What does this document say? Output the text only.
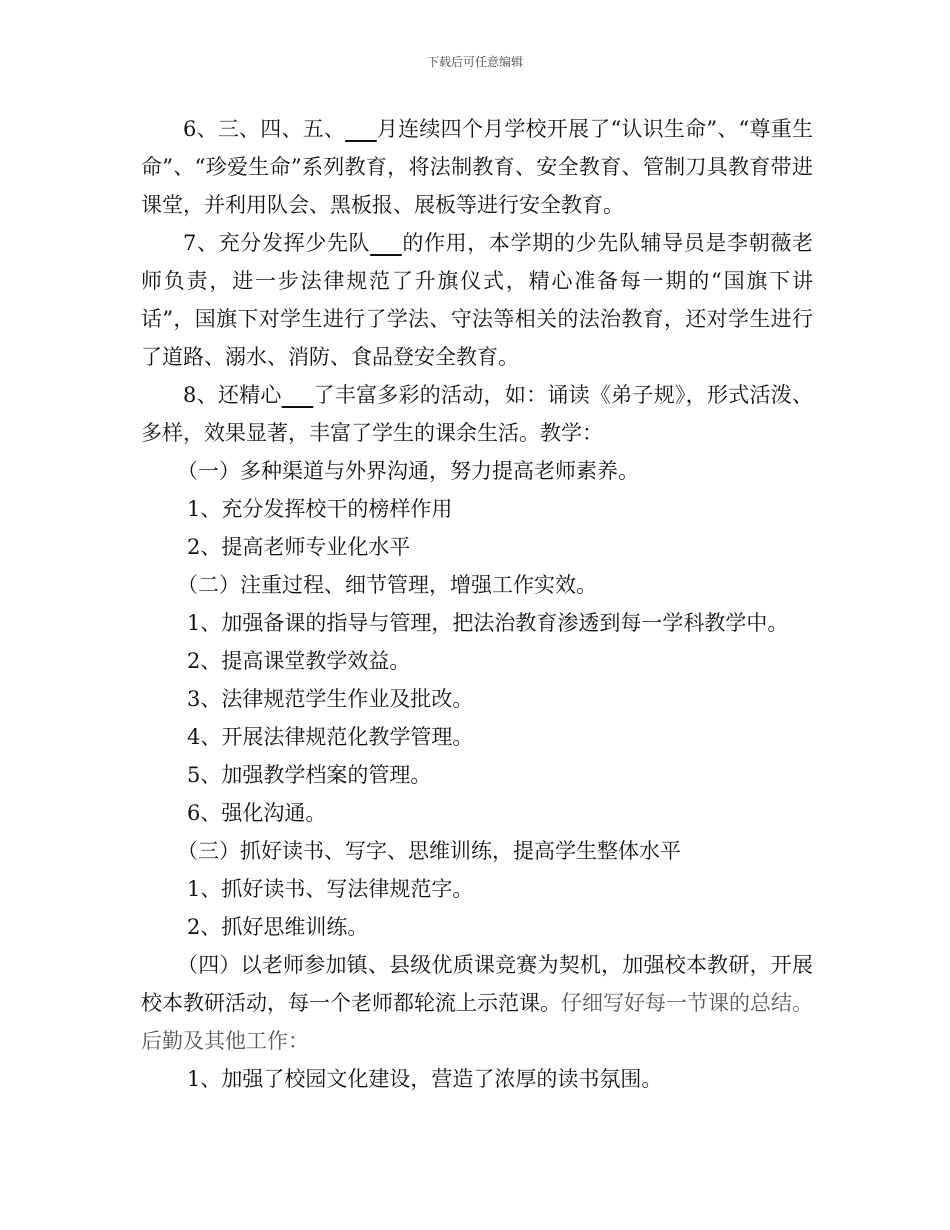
下载后可任意编辑

6、三、四、五、___月连续四个月学校开展了“认识生命”、“尊重生命”、“珍爱生命”系列教育，将法制教育、安全教育、管制刀具教育带进课堂，并利用队会、黑板报、展板等进行安全教育。

7、充分发挥少先队___的作用，本学期的少先队辅导员是李朝薇老师负责，进一步法律规范了升旗仪式，精心准备每一期的“国旗下讲话”，国旗下对学生进行了学法、守法等相关的法治教育，还对学生进行了道路、溺水、消防、食品登安全教育。

8、还精心___了丰富多彩的活动，如：诵读《弟子规》，形式活泼、多样，效果显著，丰富了学生的课余生活。教学：

（一）多种渠道与外界沟通，努力提高老师素养。

1、充分发挥校干的榜样作用

2、提高老师专业化水平

（二）注重过程、细节管理，增强工作实效。

1、加强备课的指导与管理，把法治教育渗透到每一学科教学中。

2、提高课堂教学效益。

3、法律规范学生作业及批改。

4、开展法律规范化教学管理。

5、加强教学档案的管理。

6、强化沟通。

（三）抓好读书、写字、思维训练，提高学生整体水平

1、抓好读书、写法律规范字。

2、抓好思维训练。

（四）以老师参加镇、县级优质课竞赛为契机，加强校本教研，开展校本教研活动，每一个老师都轮流上示范课。仔细写好每一节课的总结。后勤及其他工作：

1、加强了校园文化建设，营造了浓厚的读书氛围。
